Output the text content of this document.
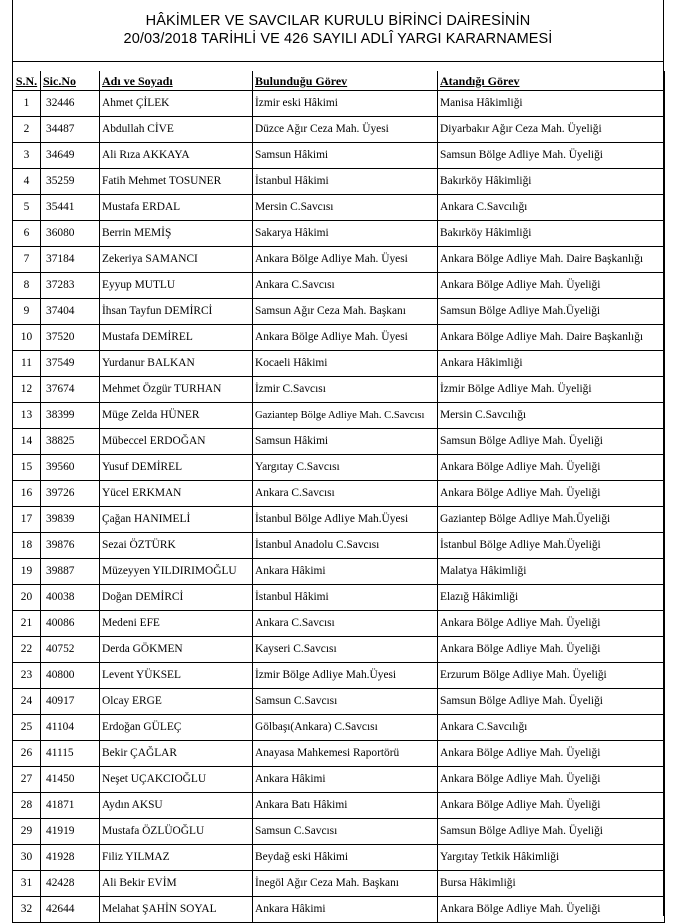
HÂKİMLER VE SAVCILAR KURULU BİRİNCİ DAİRESİNİN
20/03/2018 TARİHLİ VE 426 SAYILI ADLÎ YARGI KARARNAMESİ
S.N.	Sic.No	Adı ve Soyadı	Bulunduğu Görev	Atandığı Görev
1	32446	Ahmet ÇİLEK	İzmir eski Hâkimi	Manisa Hâkimliği
2	34487	Abdullah CİVE	Düzce Ağır Ceza Mah. Üyesi	Diyarbakır Ağır Ceza Mah. Üyeliği
3	34649	Ali Rıza AKKAYA	Samsun Hâkimi	Samsun Bölge Adliye Mah. Üyeliği
4	35259	Fatih Mehmet TOSUNER	İstanbul Hâkimi	Bakırköy Hâkimliği
5	35441	Mustafa ERDAL	Mersin C.Savcısı	Ankara C.Savcılığı
6	36080	Berrin MEMİŞ	Sakarya Hâkimi	Bakırköy Hâkimliği
7	37184	Zekeriya SAMANCI	Ankara Bölge Adliye Mah. Üyesi	Ankara Bölge Adliye Mah. Daire Başkanlığı
8	37283	Eyyup MUTLU	Ankara C.Savcısı	Ankara Bölge Adliye Mah. Üyeliği
9	37404	İhsan Tayfun DEMİRCİ	Samsun Ağır Ceza Mah. Başkanı	Samsun Bölge Adliye Mah.Üyeliği
10	37520	Mustafa DEMİREL	Ankara Bölge Adliye Mah. Üyesi	Ankara Bölge Adliye Mah. Daire Başkanlığı
11	37549	Yurdanur BALKAN	Kocaeli Hâkimi	Ankara Hâkimliği
12	37674	Mehmet Özgür TURHAN	İzmir C.Savcısı	İzmir Bölge Adliye Mah. Üyeliği
13	38399	Müge Zelda HÜNER	Gaziantep Bölge Adliye Mah. C.Savcısı	Mersin C.Savcılığı
14	38825	Mübeccel ERDOĞAN	Samsun Hâkimi	Samsun Bölge Adliye Mah. Üyeliği
15	39560	Yusuf DEMİREL	Yargıtay C.Savcısı	Ankara Bölge Adliye Mah. Üyeliği
16	39726	Yücel ERKMAN	Ankara C.Savcısı	Ankara Bölge Adliye Mah. Üyeliği
17	39839	Çağan HANIMELİ	İstanbul Bölge Adliye Mah.Üyesi	Gaziantep Bölge Adliye Mah.Üyeliği
18	39876	Sezai ÖZTÜRK	İstanbul Anadolu C.Savcısı	İstanbul Bölge Adliye Mah.Üyeliği
19	39887	Müzeyyen YILDIRIMOĞLU	Ankara Hâkimi	Malatya Hâkimliği
20	40038	Doğan DEMİRCİ	İstanbul Hâkimi	Elazığ Hâkimliği
21	40086	Medeni EFE	Ankara C.Savcısı	Ankara Bölge Adliye Mah. Üyeliği
22	40752	Derda GÖKMEN	Kayseri C.Savcısı	Ankara Bölge Adliye Mah. Üyeliği
23	40800	Levent YÜKSEL	İzmir Bölge Adliye Mah.Üyesi	Erzurum Bölge Adliye Mah. Üyeliği
24	40917	Olcay ERGE	Samsun C.Savcısı	Samsun Bölge Adliye Mah. Üyeliği
25	41104	Erdoğan GÜLEÇ	Gölbaşı(Ankara) C.Savcısı	Ankara C.Savcılığı
26	41115	Bekir ÇAĞLAR	Anayasa Mahkemesi Raportörü	Ankara Bölge Adliye Mah. Üyeliği
27	41450	Neşet UÇAKCIOĞLU	Ankara Hâkimi	Ankara Bölge Adliye Mah. Üyeliği
28	41871	Aydın AKSU	Ankara Batı Hâkimi	Ankara Bölge Adliye Mah. Üyeliği
29	41919	Mustafa ÖZLÜOĞLU	Samsun C.Savcısı	Samsun Bölge Adliye Mah. Üyeliği
30	41928	Filiz YILMAZ	Beydağ eski Hâkimi	Yargıtay Tetkik Hâkimliği
31	42428	Ali Bekir EVİM	İnegöl Ağır Ceza Mah. Başkanı	Bursa Hâkimliği
32	42644	Melahat ŞAHİN SOYAL	Ankara Hâkimi	Ankara Bölge Adliye Mah. Üyeliği
